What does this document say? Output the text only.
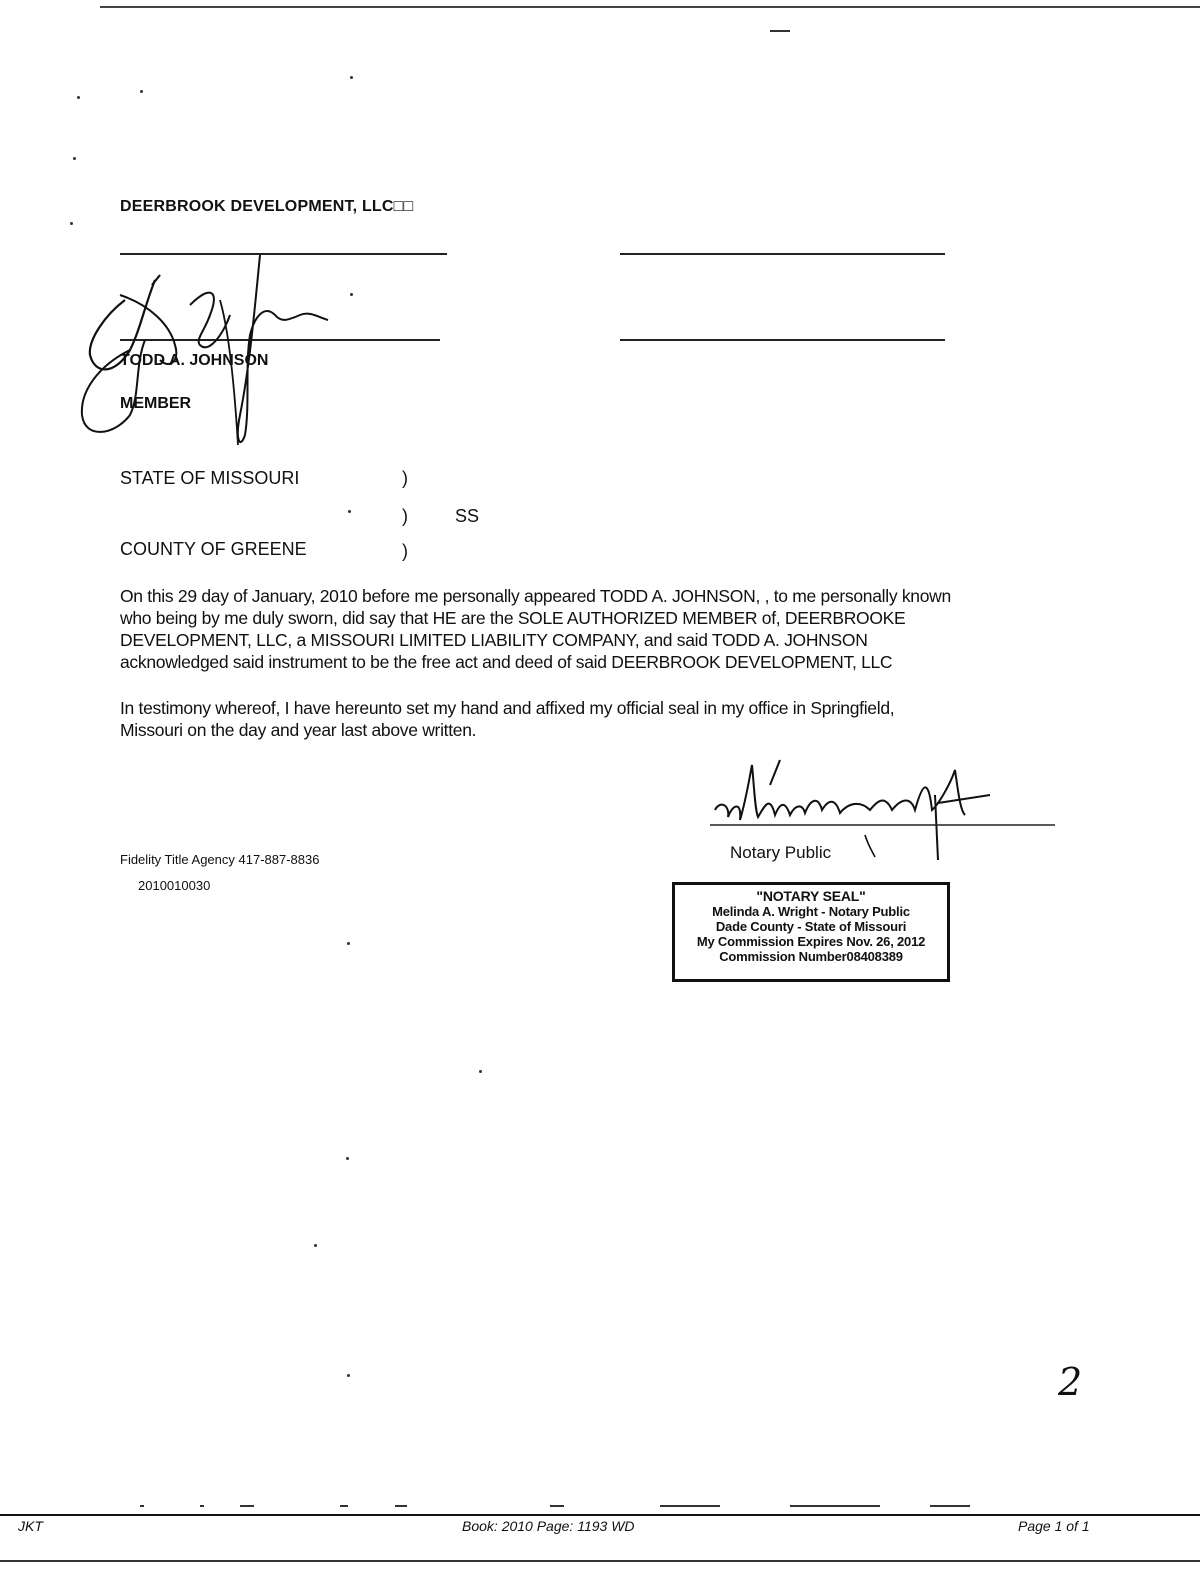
DEERBROOK DEVELOPMENT, LLC□□
TODD A. JOHNSON
MEMBER
STATE OF MISSOURI	)
)	SS
COUNTY OF GREENE	)
On this 29 day of January, 2010 before me personally appeared TODD A. JOHNSON, , to me personally known
who being by me duly sworn, did say that HE are the SOLE AUTHORIZED MEMBER of, DEERBROOKE
DEVELOPMENT, LLC, a MISSOURI LIMITED LIABILITY COMPANY, and said TODD A. JOHNSON
acknowledged said instrument to be the free act and deed of said DEERBROOK DEVELOPMENT, LLC
In testimony whereof, I have hereunto set my hand and affixed my official seal in my office in Springfield,
Missouri on the day and year last above written.
Notary Public
Fidelity Title Agency 417-887-8836
2010010030
"NOTARY SEAL"
Melinda A. Wright - Notary Public
Dade County - State of Missouri
My Commission Expires Nov. 26, 2012
Commission Number08408389
2
JKT	Book: 2010 Page: 1193 WD	Page 1 of 1
